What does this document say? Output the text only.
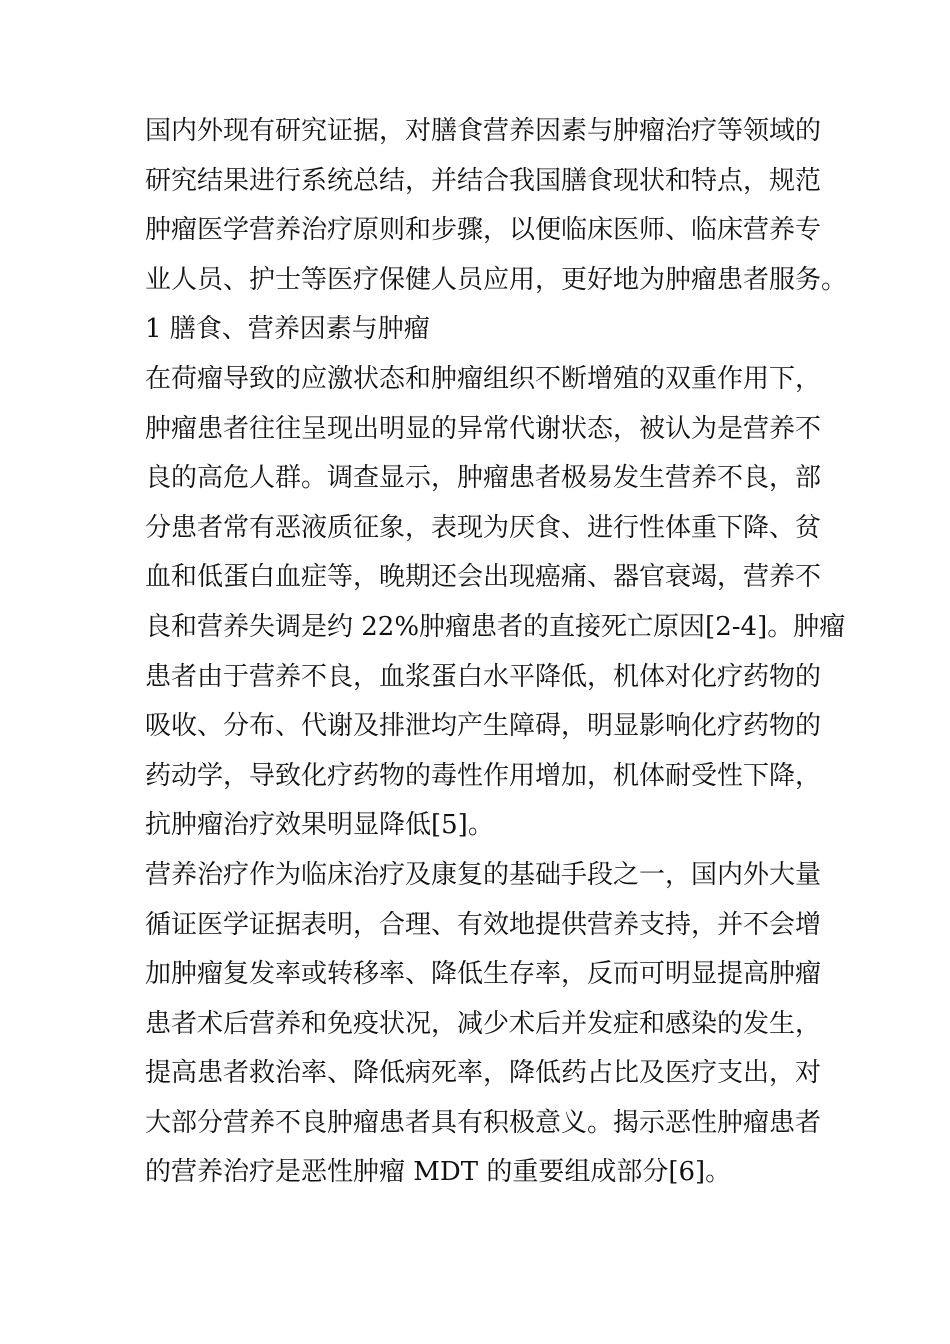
国内外现有研究证据，对膳食营养因素与肿瘤治疗等领域的
研究结果进行系统总结，并结合我国膳食现状和特点，规范
肿瘤医学营养治疗原则和步骤，以便临床医师、临床营养专
业人员、护士等医疗保健人员应用，更好地为肿瘤患者服务。
1 膳食、营养因素与肿瘤
在荷瘤导致的应激状态和肿瘤组织不断增殖的双重作用下，
肿瘤患者往往呈现出明显的异常代谢状态，被认为是营养不
良的高危人群。调查显示，肿瘤患者极易发生营养不良，部
分患者常有恶液质征象，表现为厌食、进行性体重下降、贫
血和低蛋白血症等，晚期还会出现癌痛、器官衰竭，营养不
良和营养失调是约 22%肿瘤患者的直接死亡原因[2-4]。肿瘤
患者由于营养不良，血浆蛋白水平降低，机体对化疗药物的
吸收、分布、代谢及排泄均产生障碍，明显影响化疗药物的
药动学，导致化疗药物的毒性作用增加，机体耐受性下降，
抗肿瘤治疗效果明显降低[5]。
营养治疗作为临床治疗及康复的基础手段之一，国内外大量
循证医学证据表明，合理、有效地提供营养支持，并不会增
加肿瘤复发率或转移率、降低生存率，反而可明显提高肿瘤
患者术后营养和免疫状况，减少术后并发症和感染的发生，
提高患者救治率、降低病死率，降低药占比及医疗支出，对
大部分营养不良肿瘤患者具有积极意义。揭示恶性肿瘤患者
的营养治疗是恶性肿瘤 MDT 的重要组成部分[6]。
